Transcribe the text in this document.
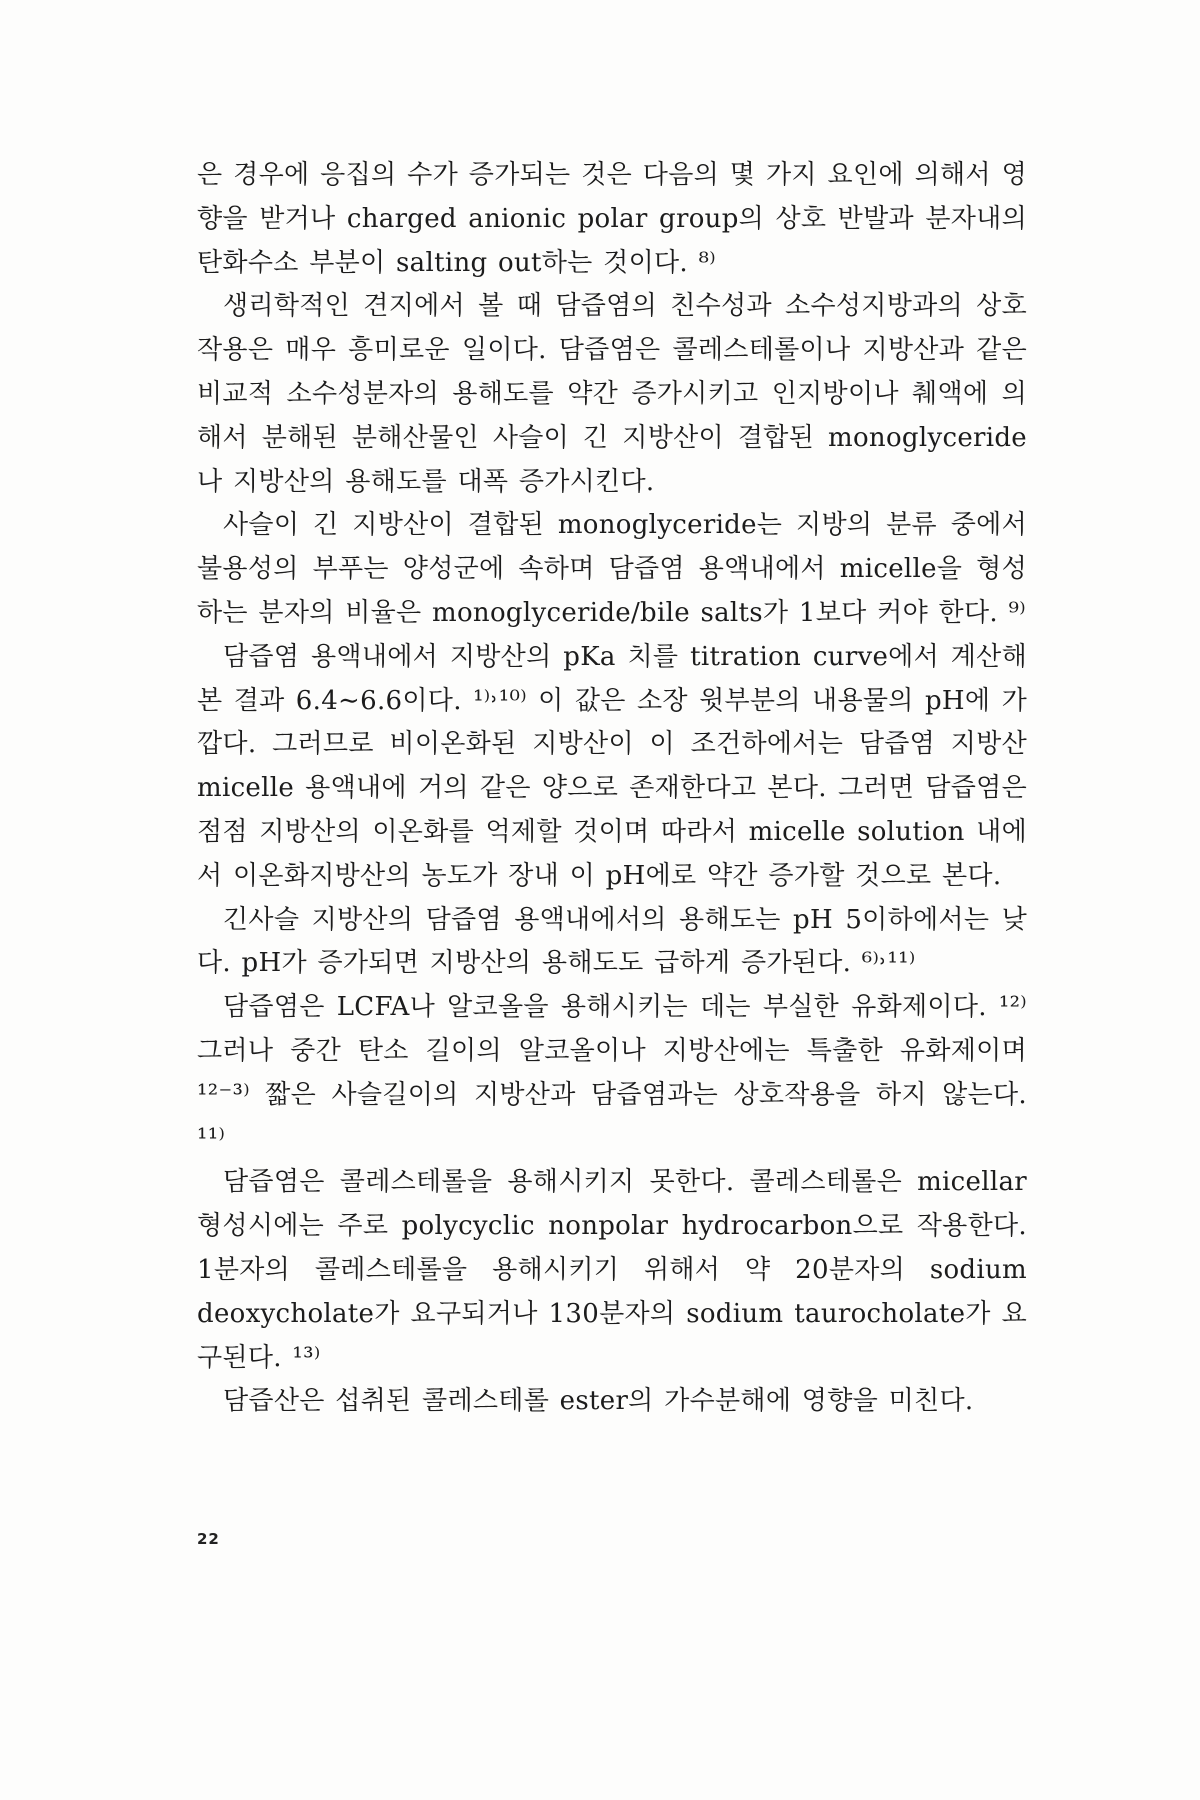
은 경우에 응집의 수가 증가되는 것은 다음의 몇 가지 요인에 의해서 영향을 받거나 charged anionic polar group의 상호 반발과 분자내의 탄화수소 부분이 salting out하는 것이다. ⁸⁾

생리학적인 견지에서 볼 때 담즙염의 친수성과 소수성지방과의 상호작용은 매우 흥미로운 일이다. 담즙염은 콜레스테롤이나 지방산과 같은 비교적 소수성분자의 용해도를 약간 증가시키고 인지방이나 췌액에 의해서 분해된 분해산물인 사슬이 긴 지방산이 결합된 monoglyceride나 지방산의 용해도를 대폭 증가시킨다.

사슬이 긴 지방산이 결합된 monoglyceride는 지방의 분류 중에서 불용성의 부푸는 양성군에 속하며 담즙염 용액내에서 micelle을 형성하는 분자의 비율은 monoglyceride/bile salts가 1보다 커야 한다. ⁹⁾

담즙염 용액내에서 지방산의 pKa 치를 titration curve에서 계산해 본 결과 6.4∼6.6이다. ¹⁾˒¹⁰⁾ 이 값은 소장 윗부분의 내용물의 pH에 가깝다. 그러므로 비이온화된 지방산이 이 조건하에서는 담즙염 지방산 micelle 용액내에 거의 같은 양으로 존재한다고 본다. 그러면 담즙염은 점점 지방산의 이온화를 억제할 것이며 따라서 micelle solution 내에서 이온화지방산의 농도가 장내 이 pH에로 약간 증가할 것으로 본다.

긴사슬 지방산의 담즙염 용액내에서의 용해도는 pH 5이하에서는 낮다. pH가 증가되면 지방산의 용해도도 급하게 증가된다. ⁶⁾˒¹¹⁾

담즙염은 LCFA나 알코올을 용해시키는 데는 부실한 유화제이다. ¹²⁾ 그러나 중간 탄소 길이의 알코올이나 지방산에는 특출한 유화제이며¹²⁻³⁾ 짧은 사슬길이의 지방산과 담즙염과는 상호작용을 하지 않는다. ¹¹⁾

담즙염은 콜레스테롤을 용해시키지 못한다. 콜레스테롤은 micellar 형성시에는 주로 polycyclic nonpolar hydrocarbon으로 작용한다. 1분자의 콜레스테롤을 용해시키기 위해서 약 20분자의 sodium deoxycholate가 요구되거나 130분자의 sodium taurocholate가 요구된다. ¹³⁾

담즙산은 섭취된 콜레스테롤 ester의 가수분해에 영향을 미친다.

22
